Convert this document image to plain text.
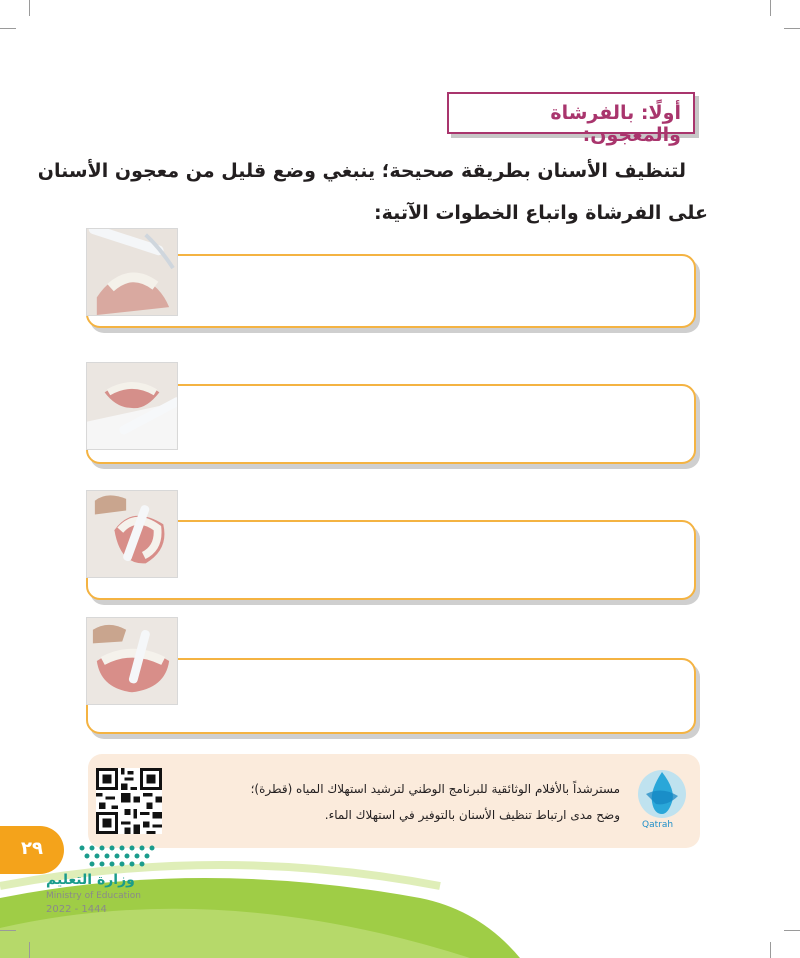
أولًا: بالفرشاة والمعجون:

لتنظيف الأسنان بطريقة صحيحة؛ ينبغي وضع قليل من معجون الأسنان

على الفرشاة واتباع الخطوات الآتية:

Qatrah

مسترشداً بالأفلام الوثائقية للبرنامج الوطني لترشيد استهلاك المياه (قطرة)؛

وضح مدى ارتباط تنظيف الأسنان بالتوفير في استهلاك الماء.

٢٩
وزارة التعليم
Ministry of Education
2022 - 1444
